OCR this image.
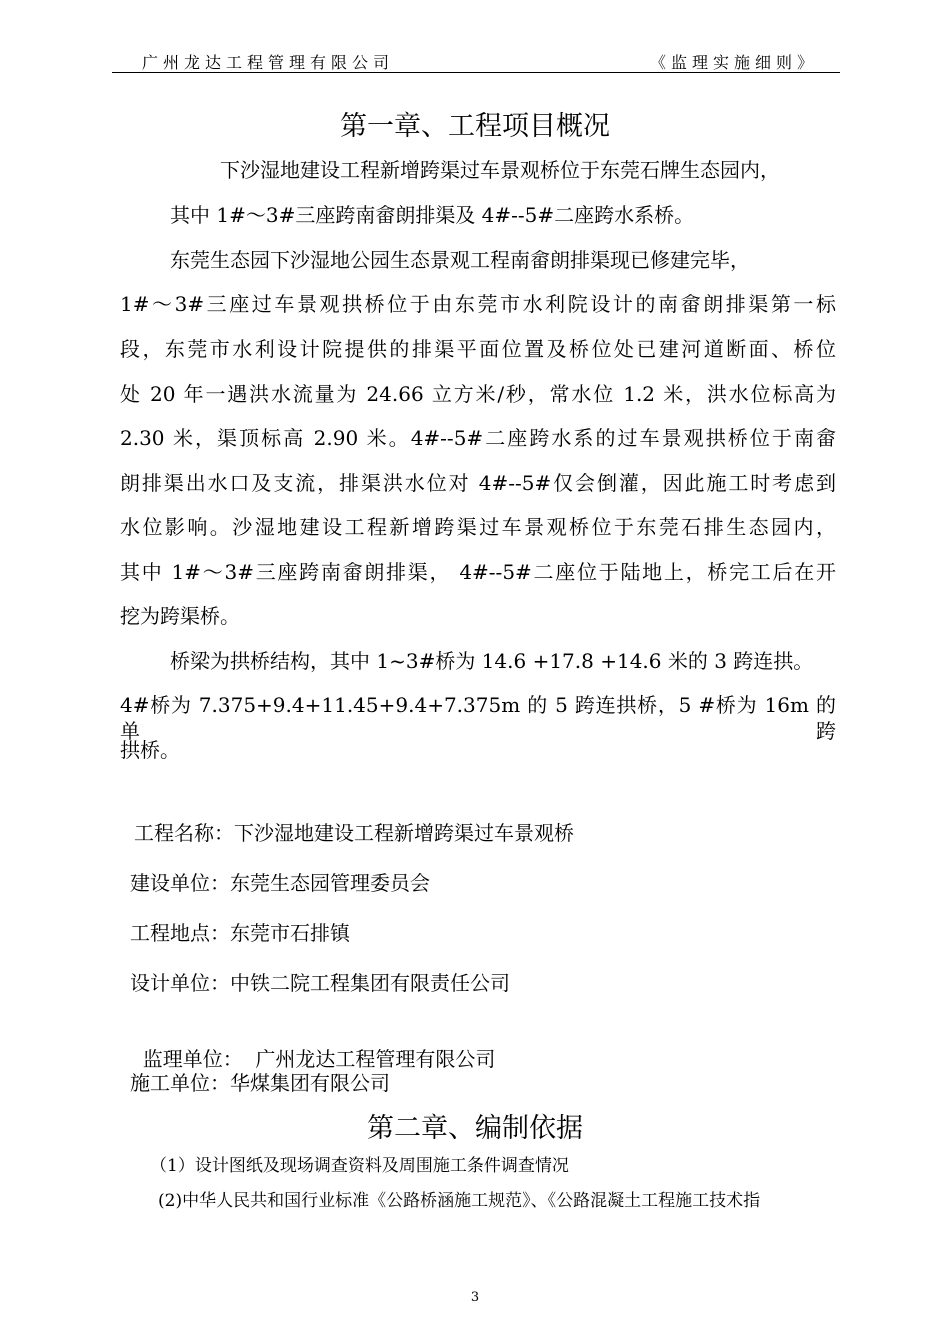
广州龙达工程管理有限公司	《监理实施细则》
第一章、工程项目概况
下沙湿地建设工程新增跨渠过车景观桥位于东莞石牌生态园内，
其中 1#～3#三座跨南畲朗排渠及 4#--5#二座跨水系桥。
东莞生态园下沙湿地公园生态景观工程南畲朗排渠现已修建完毕，
1#～3#三座过车景观拱桥位于由东莞市水利院设计的南畲朗排渠第一标
段，东莞市水利设计院提供的排渠平面位置及桥位处已建河道断面、桥位
处 20 年一遇洪水流量为 24.66 立方米/秒，常水位 1.2 米，洪水位标高为
2.30 米，渠顶标高 2.90 米。4#--5#二座跨水系的过车景观拱桥位于南畲
朗排渠出水口及支流，排渠洪水位对 4#--5#仅会倒灌，因此施工时考虑到
水位影响。沙湿地建设工程新增跨渠过车景观桥位于东莞石排生态园内，
其中 1#～3#三座跨南畲朗排渠， 4#--5#二座位于陆地上，桥完工后在开
挖为跨渠桥。
桥梁为拱桥结构，其中 1~3#桥为 14.6 +17.8 +14.6 米的 3 跨连拱。
4#桥为 7.375+9.4+11.45+9.4+7.375m 的 5 跨连拱桥，5 #桥为 16m 的单跨
拱桥。
工程名称：下沙湿地建设工程新增跨渠过车景观桥
建设单位：东莞生态园管理委员会
工程地点：东莞市石排镇
设计单位：中铁二院工程集团有限责任公司

监理单位：  广州龙达工程管理有限公司

施工单位：华煤集团有限公司
第二章、编制依据
（1）设计图纸及现场调查资料及周围施工条件调查情况
(2)中华人民共和国行业标准《公路桥涵施工规范》、《公路混凝土工程施工技术指
3
